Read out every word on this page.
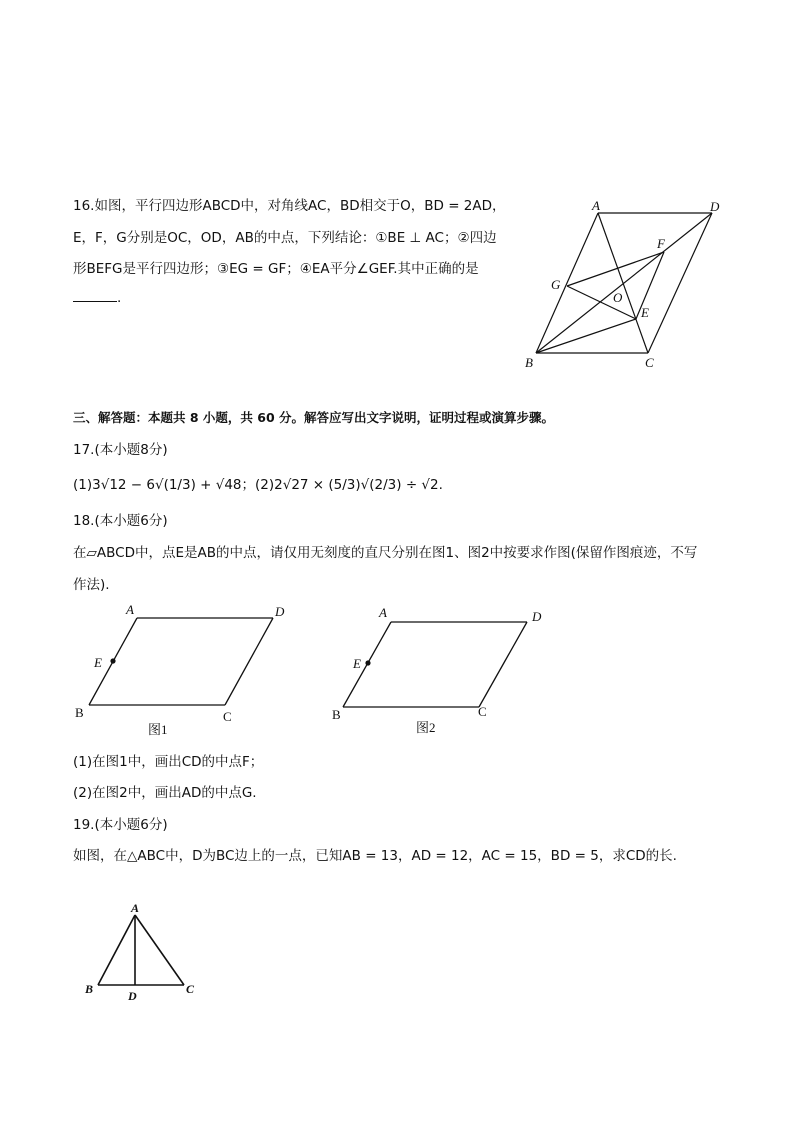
16.如图，平行四边形ABCD中，对角线AC，BD相交于O，BD = 2AD，
E，F，G分别是OC，OD，AB的中点，下列结论：①BE ⊥ AC；②四边
形BEFG是平行四边形；③EG = GF；④EA平分∠GEF.其中正确的是
.
A	D
F
G
O
E
B	C
三、解答题：本题共 8 小题，共 60 分。解答应写出文字说明，证明过程或演算步骤。
17.(本小题8分)
(1)3√12 − 6√(1/3) + √48；(2)2√27 × (5/3)√(2/3) ÷ √2.
18.(本小题6分)
在▱ABCD中，点E是AB的中点，请仅用无刻度的直尺分别在图1、图2中按要求作图(保留作图痕迹，不写
作法).
A	D
E
B	C
图1
A	D
E
B	C
图2
(1)在图1中，画出CD的中点F；
(2)在图2中，画出AD的中点G.
19.(本小题6分)
如图，在△ABC中，D为BC边上的一点，已知AB = 13，AD = 12，AC = 15，BD = 5，求CD的长.
A
B	D	C
